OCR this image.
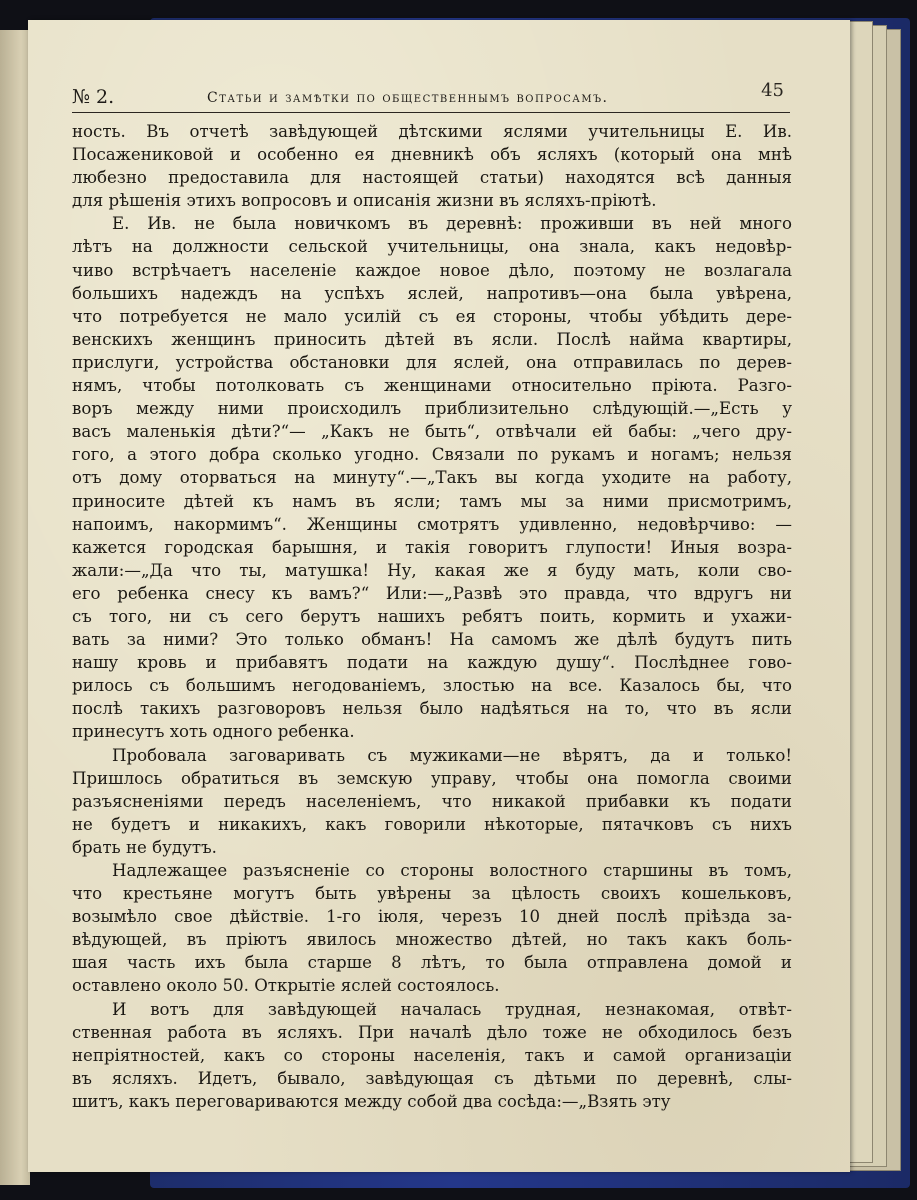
№ 2.	Статьи и замѣтки по общественнымъ вопросамъ.	45

ность. Въ отчетѣ завѣдующей дѣтскими яслями учительницы Е. Ив.
Посажениковой и особенно ея дневникѣ объ ясляхъ (который она мнѣ
любезно предоставила для настоящей статьи) находятся всѣ данныя
для рѣшенія этихъ вопросовъ и описанія жизни въ ясляхъ-пріютѣ.

Е. Ив. не была новичкомъ въ деревнѣ: проживши въ ней много
лѣтъ на должности сельской учительницы, она знала, какъ недовѣр-
чиво встрѣчаетъ населеніе каждое новое дѣло, поэтому не возлагала
большихъ надеждъ на успѣхъ яслей, напротивъ—она была увѣрена,
что потребуется не мало усилій съ ея стороны, чтобы убѣдить дере-
венскихъ женщинъ приносить дѣтей въ ясли. Послѣ найма квартиры,
прислуги, устройства обстановки для яслей, она отправилась по дерев-
нямъ, чтобы потолковать съ женщинами относительно пріюта. Разго-
воръ между ними происходилъ приблизительно слѣдующій.—„Есть у
васъ маленькія дѣти?“— „Какъ не быть“, отвѣчали ей бабы: „чего дру-
гого, а этого добра сколько угодно. Связали по рукамъ и ногамъ; нельзя
отъ дому оторваться на минуту“.—„Такъ вы когда уходите на работу,
приносите дѣтей къ намъ въ ясли; тамъ мы за ними присмотримъ,
напоимъ, накормимъ“. Женщины смотрятъ удивленно, недовѣрчиво: —
кажется городская барышня, и такія говоритъ глупости! Иныя возра-
жали:—„Да что ты, матушка! Ну, какая же я буду мать, коли сво-
его ребенка снесу къ вамъ?“ Или:—„Развѣ это правда, что вдругъ ни
съ того, ни съ сего берутъ нашихъ ребятъ поить, кормить и ухажи-
вать за ними? Это только обманъ! На самомъ же дѣлѣ будутъ пить
нашу кровь и прибавятъ подати на каждую душу“. Послѣднее гово-
рилось съ большимъ негодованіемъ, злостью на все. Казалось бы, что
послѣ такихъ разговоровъ нельзя было надѣяться на то, что въ ясли
принесутъ хоть одного ребенка.

Пробовала заговаривать съ мужиками—не вѣрятъ, да и только!
Пришлось обратиться въ земскую управу, чтобы она помогла своими
разъясненіями передъ населеніемъ, что никакой прибавки къ подати
не будетъ и никакихъ, какъ говорили нѣкоторые, пятачковъ съ нихъ
брать не будутъ.

Надлежащее разъясненіе со стороны волостного старшины въ томъ,
что крестьяне могутъ быть увѣрены за цѣлость своихъ кошельковъ,
возымѣло свое дѣйствіе. 1-го іюля, черезъ 10 дней послѣ пріѣзда за-
вѣдующей, въ пріютъ явилось множество дѣтей, но такъ какъ боль-
шая часть ихъ была старше 8 лѣтъ, то была отправлена домой и
оставлено около 50. Открытіе яслей состоялось.

И вотъ для завѣдующей началась трудная, незнакомая, отвѣт-
ственная работа въ ясляхъ. При началѣ дѣло тоже не обходилось безъ
непріятностей, какъ со стороны населенія, такъ и самой организаціи
въ ясляхъ. Идетъ, бывало, завѣдующая съ дѣтьми по деревнѣ, слы-
шитъ, какъ переговариваются между собой два сосѣда:—„Взять эту
